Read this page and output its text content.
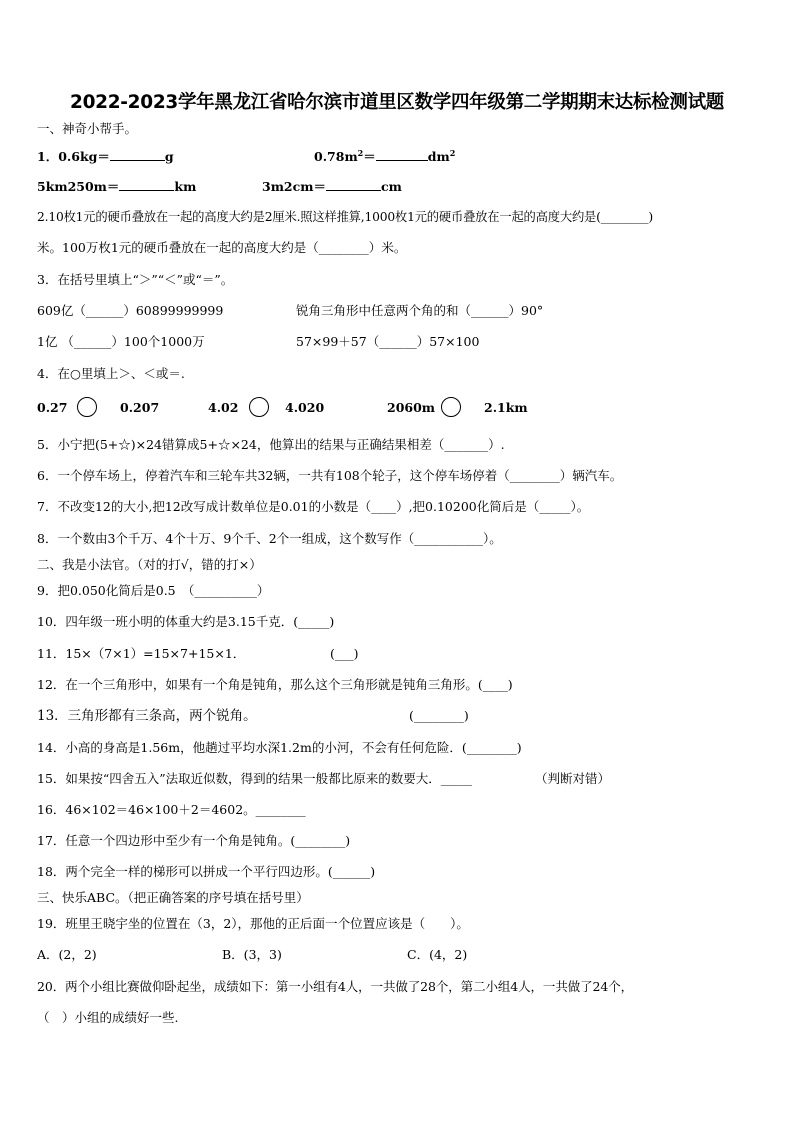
2022-2023学年黑龙江省哈尔滨市道里区数学四年级第二学期期末达标检测试题
一、神奇小帮手。
1．0.6kg＝	g	$0.78m^2=$	$dm^2$
5km250m＝	km	3m2cm＝	cm
2.10枚1元的硬币叠放在一起的高度大约是2厘米.照这样推算,1000枚1元的硬币叠放在一起的高度大约是(________)
米。100万枚1元的硬币叠放在一起的高度大约是（________）米。
3．在括号里填上“＞”“＜”或“＝”。
609亿（______）60899999999	锐角三角形中任意两个角的和（______）90°
1亿 （______）100个1000万	57×99＋57（______）57×100
4．在○里填上＞、＜或＝.
0.27	0.207	4.02	4.020	2060m	2.1km
5．小宁把(5+☆)×24错算成5+☆×24，他算出的结果与正确结果相差（_______）.
6．一个停车场上，停着汽车和三轮车共32辆，一共有108个轮子，这个停车场停着（________）辆汽车。
7．不改变12的大小,把12改写成计数单位是0.01的小数是（____）,把0.10200化简后是（_____）。
8．一个数由3个千万、4个十万、9个千、2个一组成，这个数写作（___________）。
二、我是小法官。（对的打√，错的打×）
9．把0.050化简后是0.5　（__________）
10．四年级一班小明的体重大约是3.15千克．(_____)
11．15×（7×1）=15×7+15×1．	(___)
12．在一个三角形中，如果有一个角是钝角，那么这个三角形就是钝角三角形。(____)
13．三角形都有三条高，两个锐角。	(________)
14．小高的身高是1.56m，他趟过平均水深1.2m的小河，不会有任何危险．(________)
15．如果按“四舍五入”法取近似数，得到的结果一般都比原来的数要大．_____	（判断对错）
16．46×102＝46×100＋2＝4602。________
17．任意一个四边形中至少有一个角是钝角。(________)
18．两个完全一样的梯形可以拼成一个平行四边形。(______)
三、快乐ABC。（把正确答案的序号填在括号里）
19．班里王晓宇坐的位置在（3，2），那他的正后面一个位置应该是（　　）。
A．(2，2)	B．(3，3)	C．(4，2)
20．两个小组比赛做仰卧起坐，成绩如下：第一小组有4人，一共做了28个，第二小组4人，一共做了24个，
（　）小组的成绩好一些.
